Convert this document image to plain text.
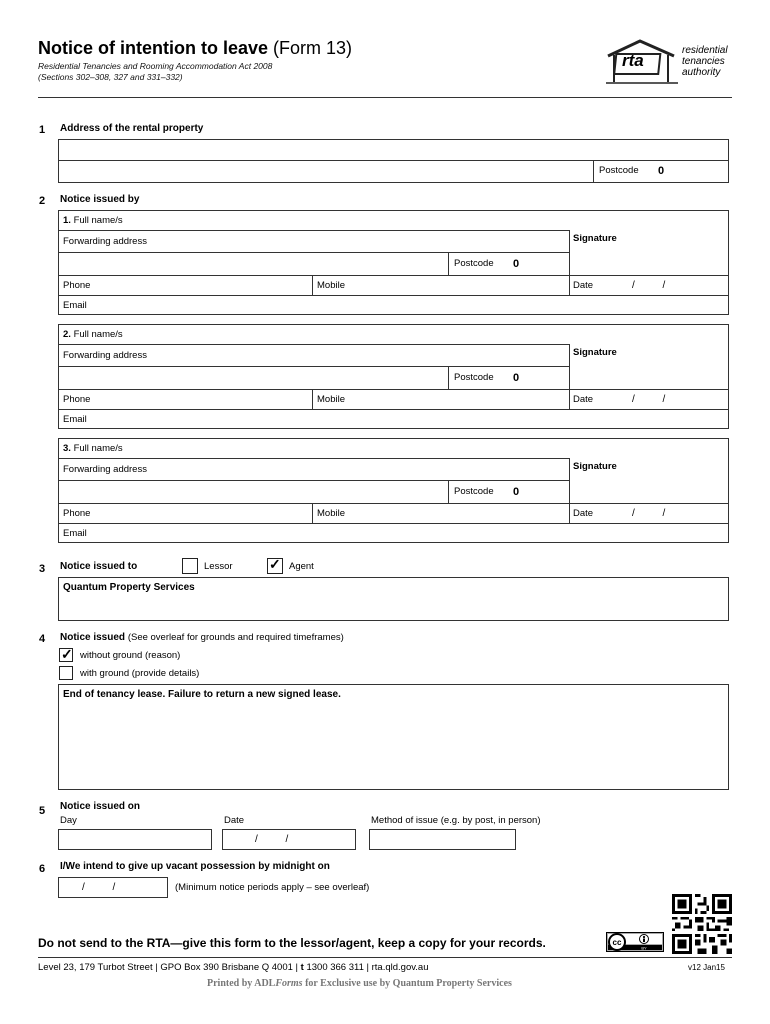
Notice of intention to leave (Form 13)
Residential Tenancies and Rooming Accommodation Act 2008
(Sections 302–308, 327 and 331–332)
rta
residential
tenancies
authority
1 Address of the rental property
Postcode 0
2 Notice issued by
1. Full name/s
Forwarding address	Signature
Postcode 0
Phone	Mobile	Date	/          /
Email
2. Full name/s
Forwarding address	Signature
Postcode 0
Phone	Mobile	Date	/          /
Email
3. Full name/s
Forwarding address	Signature
Postcode 0
Phone	Mobile	Date	/          /
Email
3 Notice issued to	Lessor	✓ Agent
Quantum Property Services
4 Notice issued (See overleaf for grounds and required timeframes)
✓ without ground (reason)
with ground (provide details)
End of tenancy lease. Failure to return a new signed lease.
5 Notice issued on
Day	Date
/          /
Method of issue (e.g. by post, in person)
6 I/We intend to give up vacant possession by midnight on
/          /	(Minimum notice periods apply – see overleaf)
Do not send to the RTA—give this form to the lessor/agent, keep a copy for your records.	cc
BY
Level 23, 179 Turbot Street | GPO Box 390 Brisbane Q 4001 | t 1300 366 311 | rta.qld.gov.au	v12 Jan15
Printed by ADLForms for Exclusive use by Quantum Property Services
